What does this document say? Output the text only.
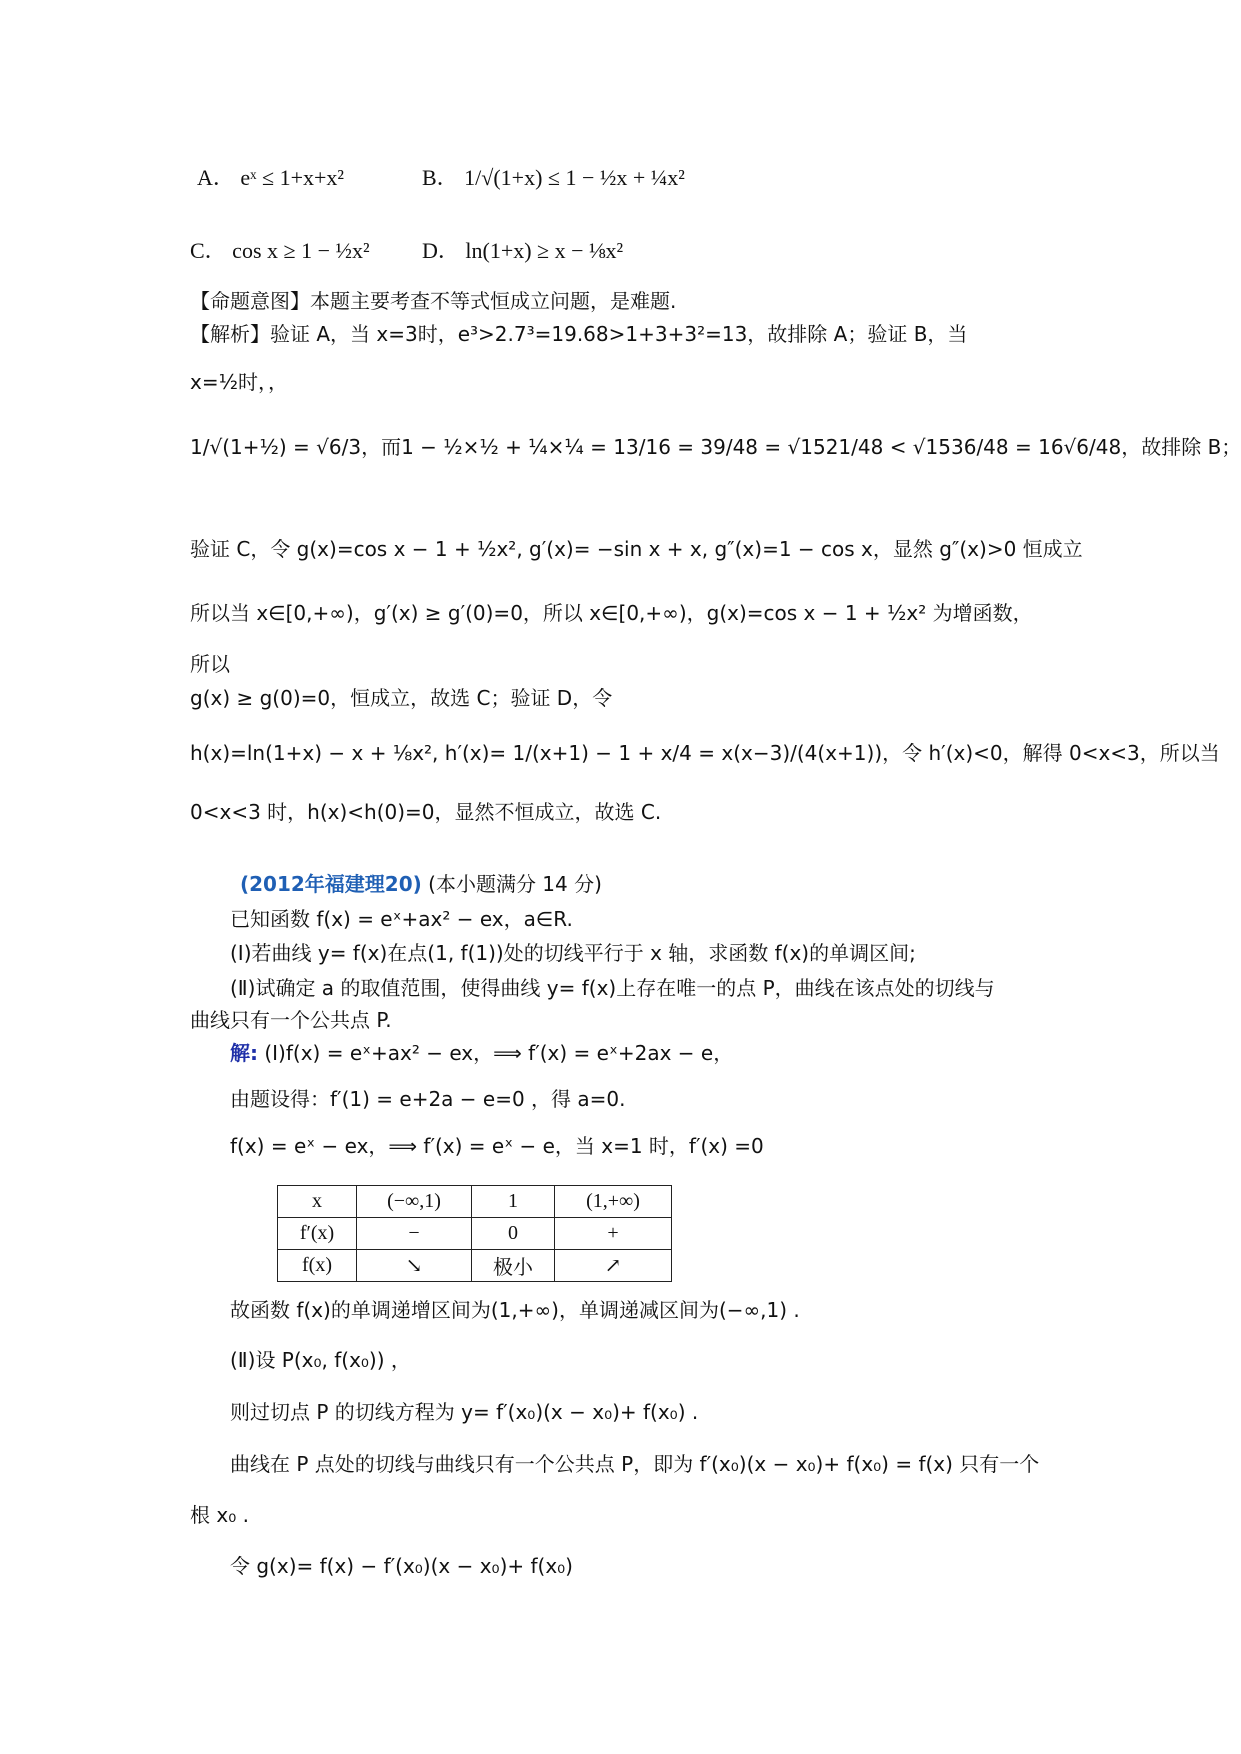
A． eˣ ≤ 1+x+x²	B． 1/√(1+x) ≤ 1 − ½x + ¼x²
C． cos x ≥ 1 − ½x² D． ln(1+x) ≥ x − ⅛x²
【命题意图】本题主要考查不等式恒成立问题，是难题.
【解析】验证 A，当 x=3时，e³>2.7³=19.68>1+3+3²=13，故排除 A；验证 B，当
x=½时，，
1/√(1+½) = √6/3，而1 − ½×½ + ¼×¼ = 13/16 = 39/48 = √1521/48 < √1536/48 = 16√6/48，故排除 B；
验证 C，令 g(x)=cos x − 1 + ½x², g′(x)= −sin x + x, g″(x)=1 − cos x，显然 g″(x)>0 恒成立
所以当 x∈[0,+∞)，g′(x) ≥ g′(0)=0，所以 x∈[0,+∞)，g(x)=cos x − 1 + ½x² 为增函数，
所以
g(x) ≥ g(0)=0，恒成立，故选 C；验证 D，令
h(x)=ln(1+x) − x + ⅛x², h′(x)= 1/(x+1) − 1 + x/4 = x(x−3)/(4(x+1))，令 h′(x)<0，解得 0<x<3，所以当
0<x<3 时，h(x)<h(0)=0，显然不恒成立，故选 C.
(2012年福建理20) (本小题满分 14 分)
已知函数 f(x) = eˣ+ax² − ex，a∈R.
(Ⅰ)若曲线 y= f(x)在点(1, f(1))处的切线平行于 x 轴，求函数 f(x)的单调区间;
(Ⅱ)试确定 a 的取值范围，使得曲线 y= f(x)上存在唯一的点 P，曲线在该点处的切线与
曲线只有一个公共点 P.
解: (Ⅰ)f(x) = eˣ+ax² − ex，⟹ f′(x) = eˣ+2ax − e，
由题设得：f′(1) = e+2a − e=0 ，得 a=0.
f(x) = eˣ − ex，⟹ f′(x) = eˣ − e，当 x=1 时，f′(x) =0
x	(−∞,1)	1	(1,+∞)
f′(x)	−	0	+
f(x)	↘	极小	↗
故函数 f(x)的单调递增区间为(1,+∞)，单调递减区间为(−∞,1) .
(Ⅱ)设 P(x₀, f(x₀)) ，
则过切点 P 的切线方程为 y= f′(x₀)(x − x₀)+ f(x₀) .
曲线在 P 点处的切线与曲线只有一个公共点 P，即为 f′(x₀)(x − x₀)+ f(x₀) = f(x) 只有一个
根 x₀ .
令 g(x)= f(x) − f′(x₀)(x − x₀)+ f(x₀)
